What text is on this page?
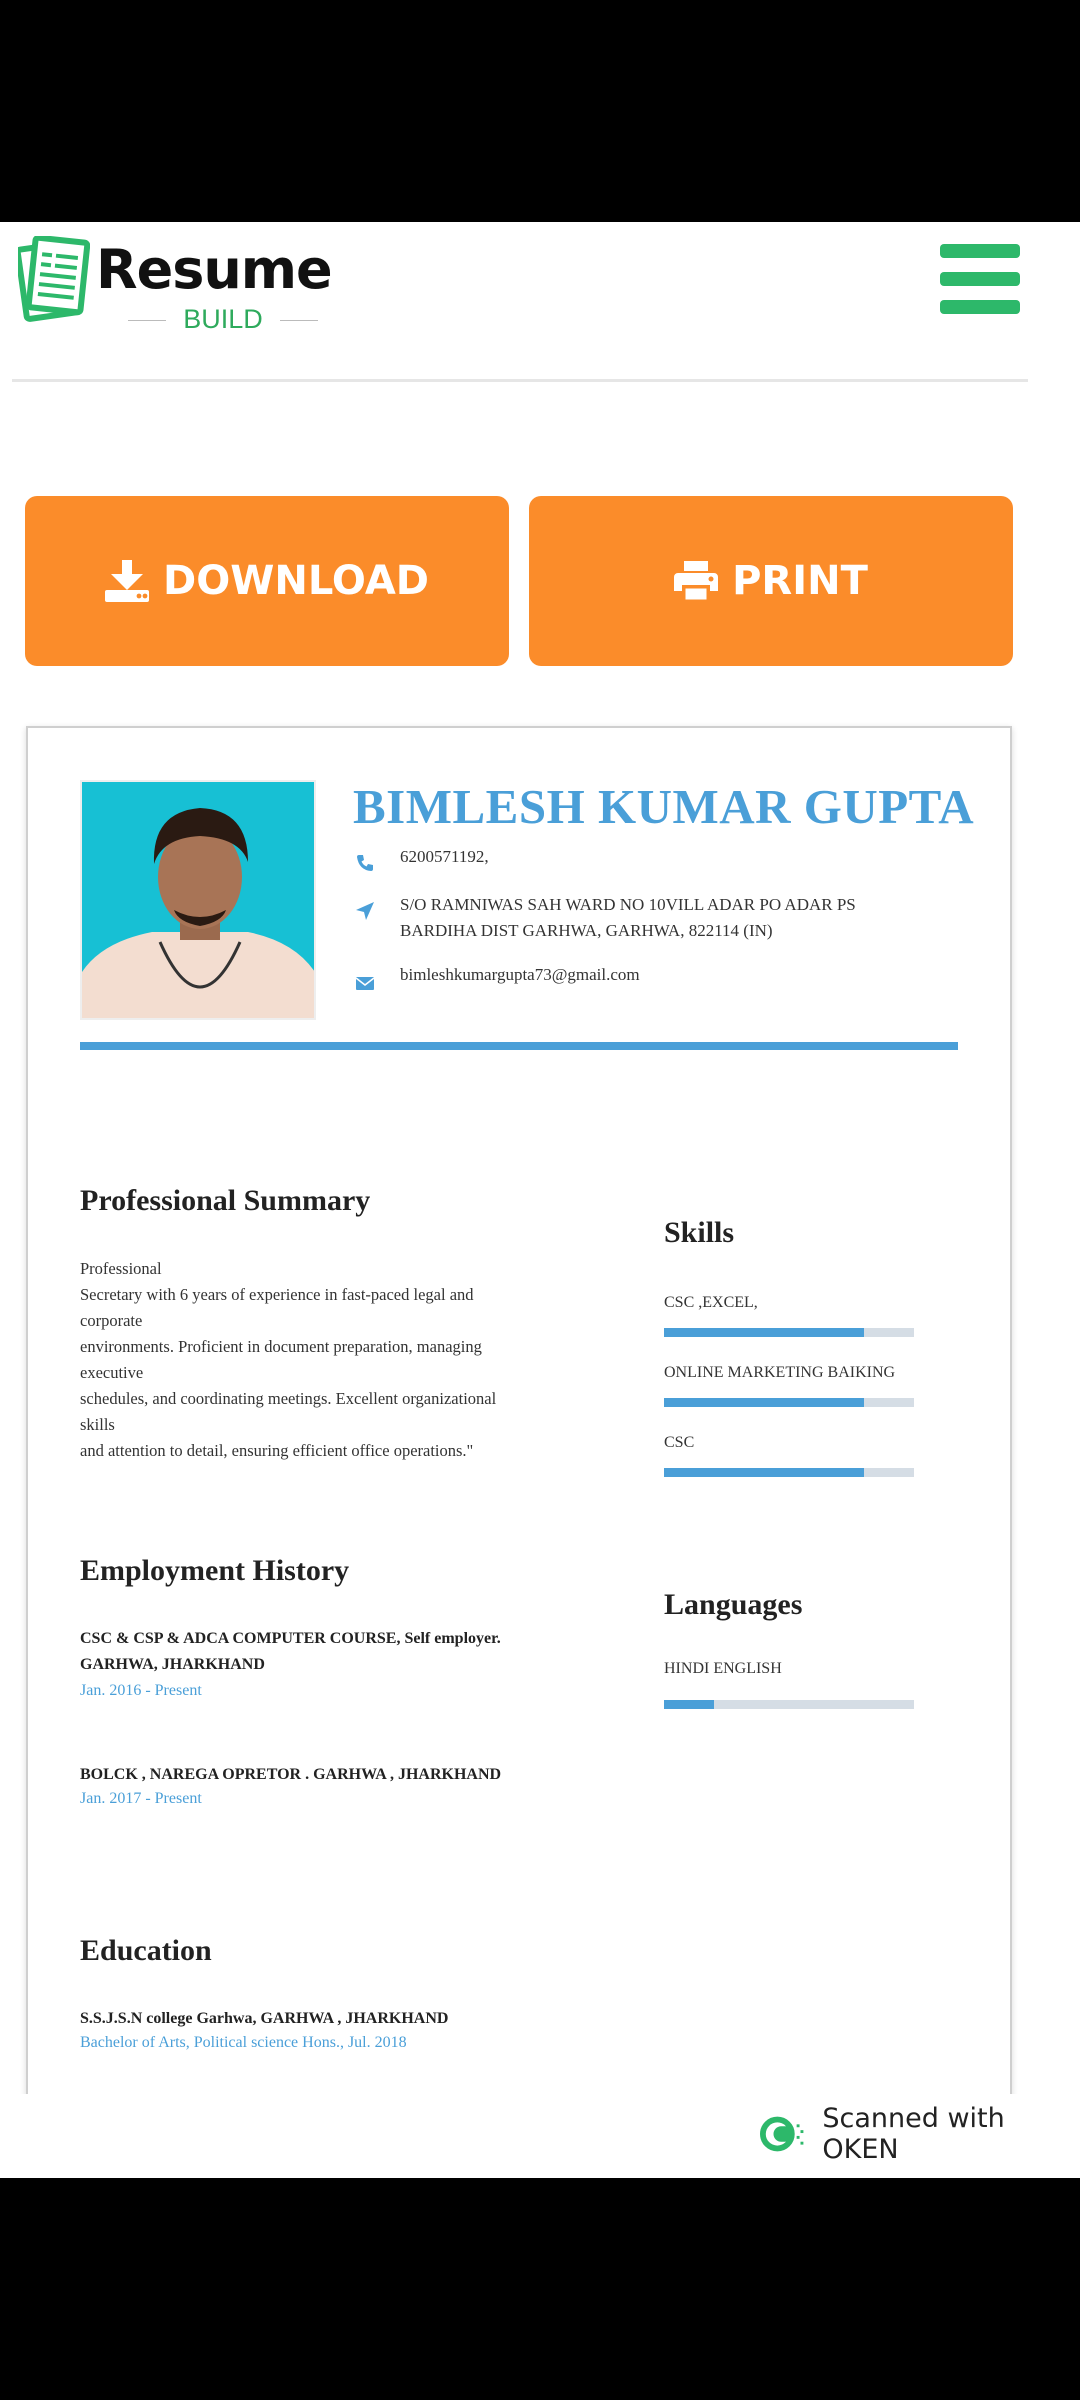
Resume
BUILD
DOWNLOAD	PRINT
BIMLESH KUMAR GUPTA
6200571192,
S/O RAMNIWAS SAH WARD NO 10VILL ADAR PO ADAR PS
BARDIHA DIST GARHWA, GARHWA, 822114 (IN)
bimleshkumargupta73@gmail.com
Professional Summary
Professional
Secretary with 6 years of experience in fast-paced legal and
corporate
environments. Proficient in document preparation, managing
executive
schedules, and coordinating meetings. Excellent organizational
skills
and attention to detail, ensuring efficient office operations."
Employment History
CSC & CSP & ADCA COMPUTER COURSE, Self employer.
GARHWA, JHARKHAND
Jan. 2016 - Present
BOLCK , NAREGA OPRETOR . GARHWA , JHARKHAND
Jan. 2017 - Present
Education
S.S.J.S.N college Garhwa, GARHWA , JHARKHAND
Bachelor of Arts, Political science Hons., Jul. 2018
Skills
CSC ,EXCEL,
ONLINE MARKETING BAIKING
CSC
Languages
HINDI ENGLISH
Scanned with OKEN
